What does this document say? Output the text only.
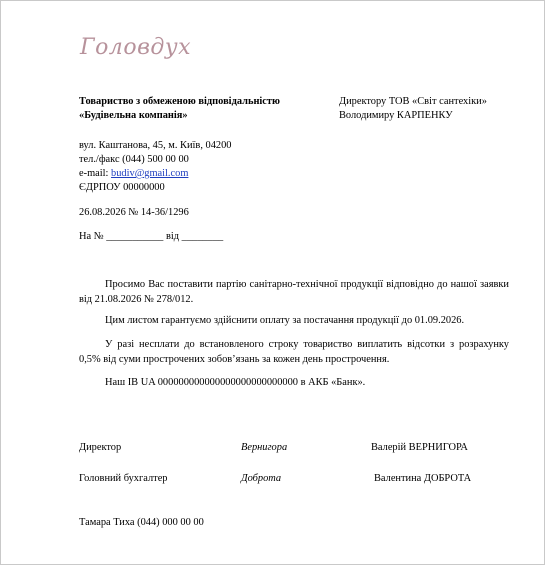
Головдух
Товариство з обмеженою відповідальністю
«Будівельна компанія»
Директору ТОВ «Світ сантехіки»
Володимиру КАРПЕНКУ
вул. Каштанова, 45, м. Київ, 04200
тел./факс (044) 500 00 00
e-mail: budiv@gmail.com
ЄДРПОУ 00000000
26.08.2026 № 14-36/1296
На № ___________ від ________
Просимо Вас поставити партію санітарно-технічної продукції відповідно до нашої заявки від 21.08.2026 № 278/012.
Цим листом гарантуємо здійснити оплату за постачання продукції до 01.09.2026.
У разі несплати до встановленого строку товариство виплатить відсотки з розрахунку 0,5% від суми прострочених зобов’язань за кожен день прострочення.
Наш IB UA 000000000000000000000000000 в АКБ «Банк».
Директор	Вернигора	Валерій ВЕРНИГОРА
Головний бухгалтер	Доброта	Валентина ДОБРОТА
Тамара Тиха (044) 000 00 00
